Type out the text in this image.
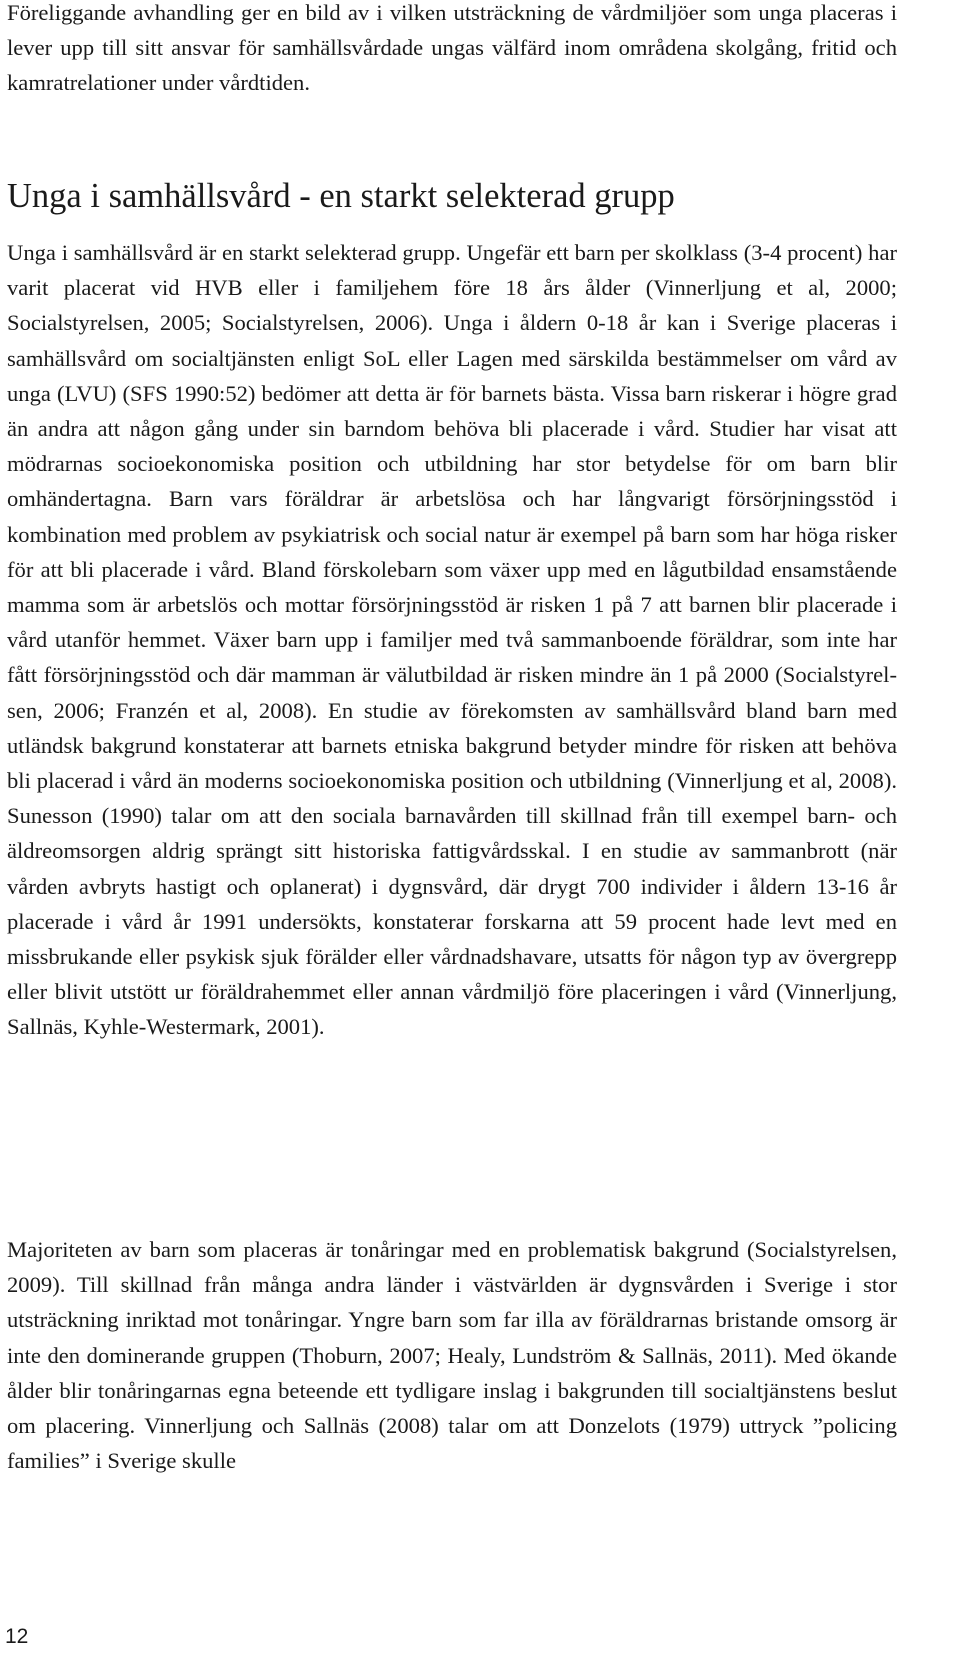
Föreliggande avhandling ger en bild av i vilken utsträckning de vårdmiljöer som unga placeras i lever upp till sitt ansvar för samhällsvårdade ungas välfärd inom områdena skolgång, fritid och kamratrelationer under vårdtiden.

Unga i samhällsvård - en starkt selekterad grupp

Unga i samhällsvård är en starkt selekterad grupp. Ungefär ett barn per skolklass (3-4 procent) har varit placerat vid HVB eller i familjehem före 18 års ålder (Vinnerljung et al, 2000; Socialstyrelsen, 2005; Socialstyrelsen, 2006). Unga i åldern 0-18 år kan i Sverige placeras i samhällsvård om socialtjänsten enligt SoL eller Lagen med särskilda bestämmelser om vård av unga (LVU) (SFS 1990:52) bedömer att detta är för barnets bästa. Vissa barn riskerar i högre grad än andra att någon gång under sin barndom behöva bli placerade i vård. Studier har visat att mödrarnas socioekonomiska position och utbildning har stor betydelse för om barn blir omhändertagna. Barn vars föräldrar är arbetslösa och har långvarigt försörjningsstöd i kombination med problem av psykiatrisk och social natur är exempel på barn som har höga risker för att bli placerade i vård. Bland förskolebarn som växer upp med en lågutbildad ensamstående mamma som är arbetslös och mottar försörjningsstöd är risken 1 på 7 att barnen blir placerade i vård utanför hemmet. Växer barn upp i familjer med två sammanboende föräldrar, som inte har fått försörjningsstöd och där mamman är välutbildad är risken mindre än 1 på 2000 (Socialstyrelsen, 2006; Franzén et al, 2008). En studie av förekomsten av samhällsvård bland barn med utländsk bakgrund konstaterar att barnets etniska bakgrund betyder mindre för risken att behöva bli placerad i vård än moderns socioekonomiska position och utbildning (Vinnerljung et al, 2008). Sunesson (1990) talar om att den sociala barnavården till skillnad från till exempel barn- och äldreomsorgen aldrig sprängt sitt historiska fattigvårdsskal. I en studie av sammanbrott (när vården avbryts hastigt och oplanerat) i dygnsvård, där drygt 700 individer i åldern 13-16 år placerade i vård år 1991 undersökts, konstaterar forskarna att 59 procent hade levt med en missbrukande eller psykisk sjuk förälder eller vårdnadshavare, utsatts för någon typ av övergrepp eller blivit utstött ur föräldrahemmet eller annan vårdmiljö före placeringen i vård (Vinnerljung, Sallnäs, Kyhle-Westermark, 2001).

Majoriteten av barn som placeras är tonåringar med en problematisk bakgrund (Socialstyrelsen, 2009). Till skillnad från många andra länder i västvärlden är dygnsvården i Sverige i stor utsträckning inriktad mot tonåringar. Yngre barn som far illa av föräldrarnas bristande omsorg är inte den dominerande gruppen (Thoburn, 2007; Healy, Lundström & Sallnäs, 2011). Med ökande ålder blir tonåringarnas egna beteende ett tydligare inslag i bakgrunden till socialtjänstens beslut om placering. Vinnerljung och Sallnäs (2008) talar om att Donzelots (1979) uttryck ”policing families” i Sverige skulle

12
